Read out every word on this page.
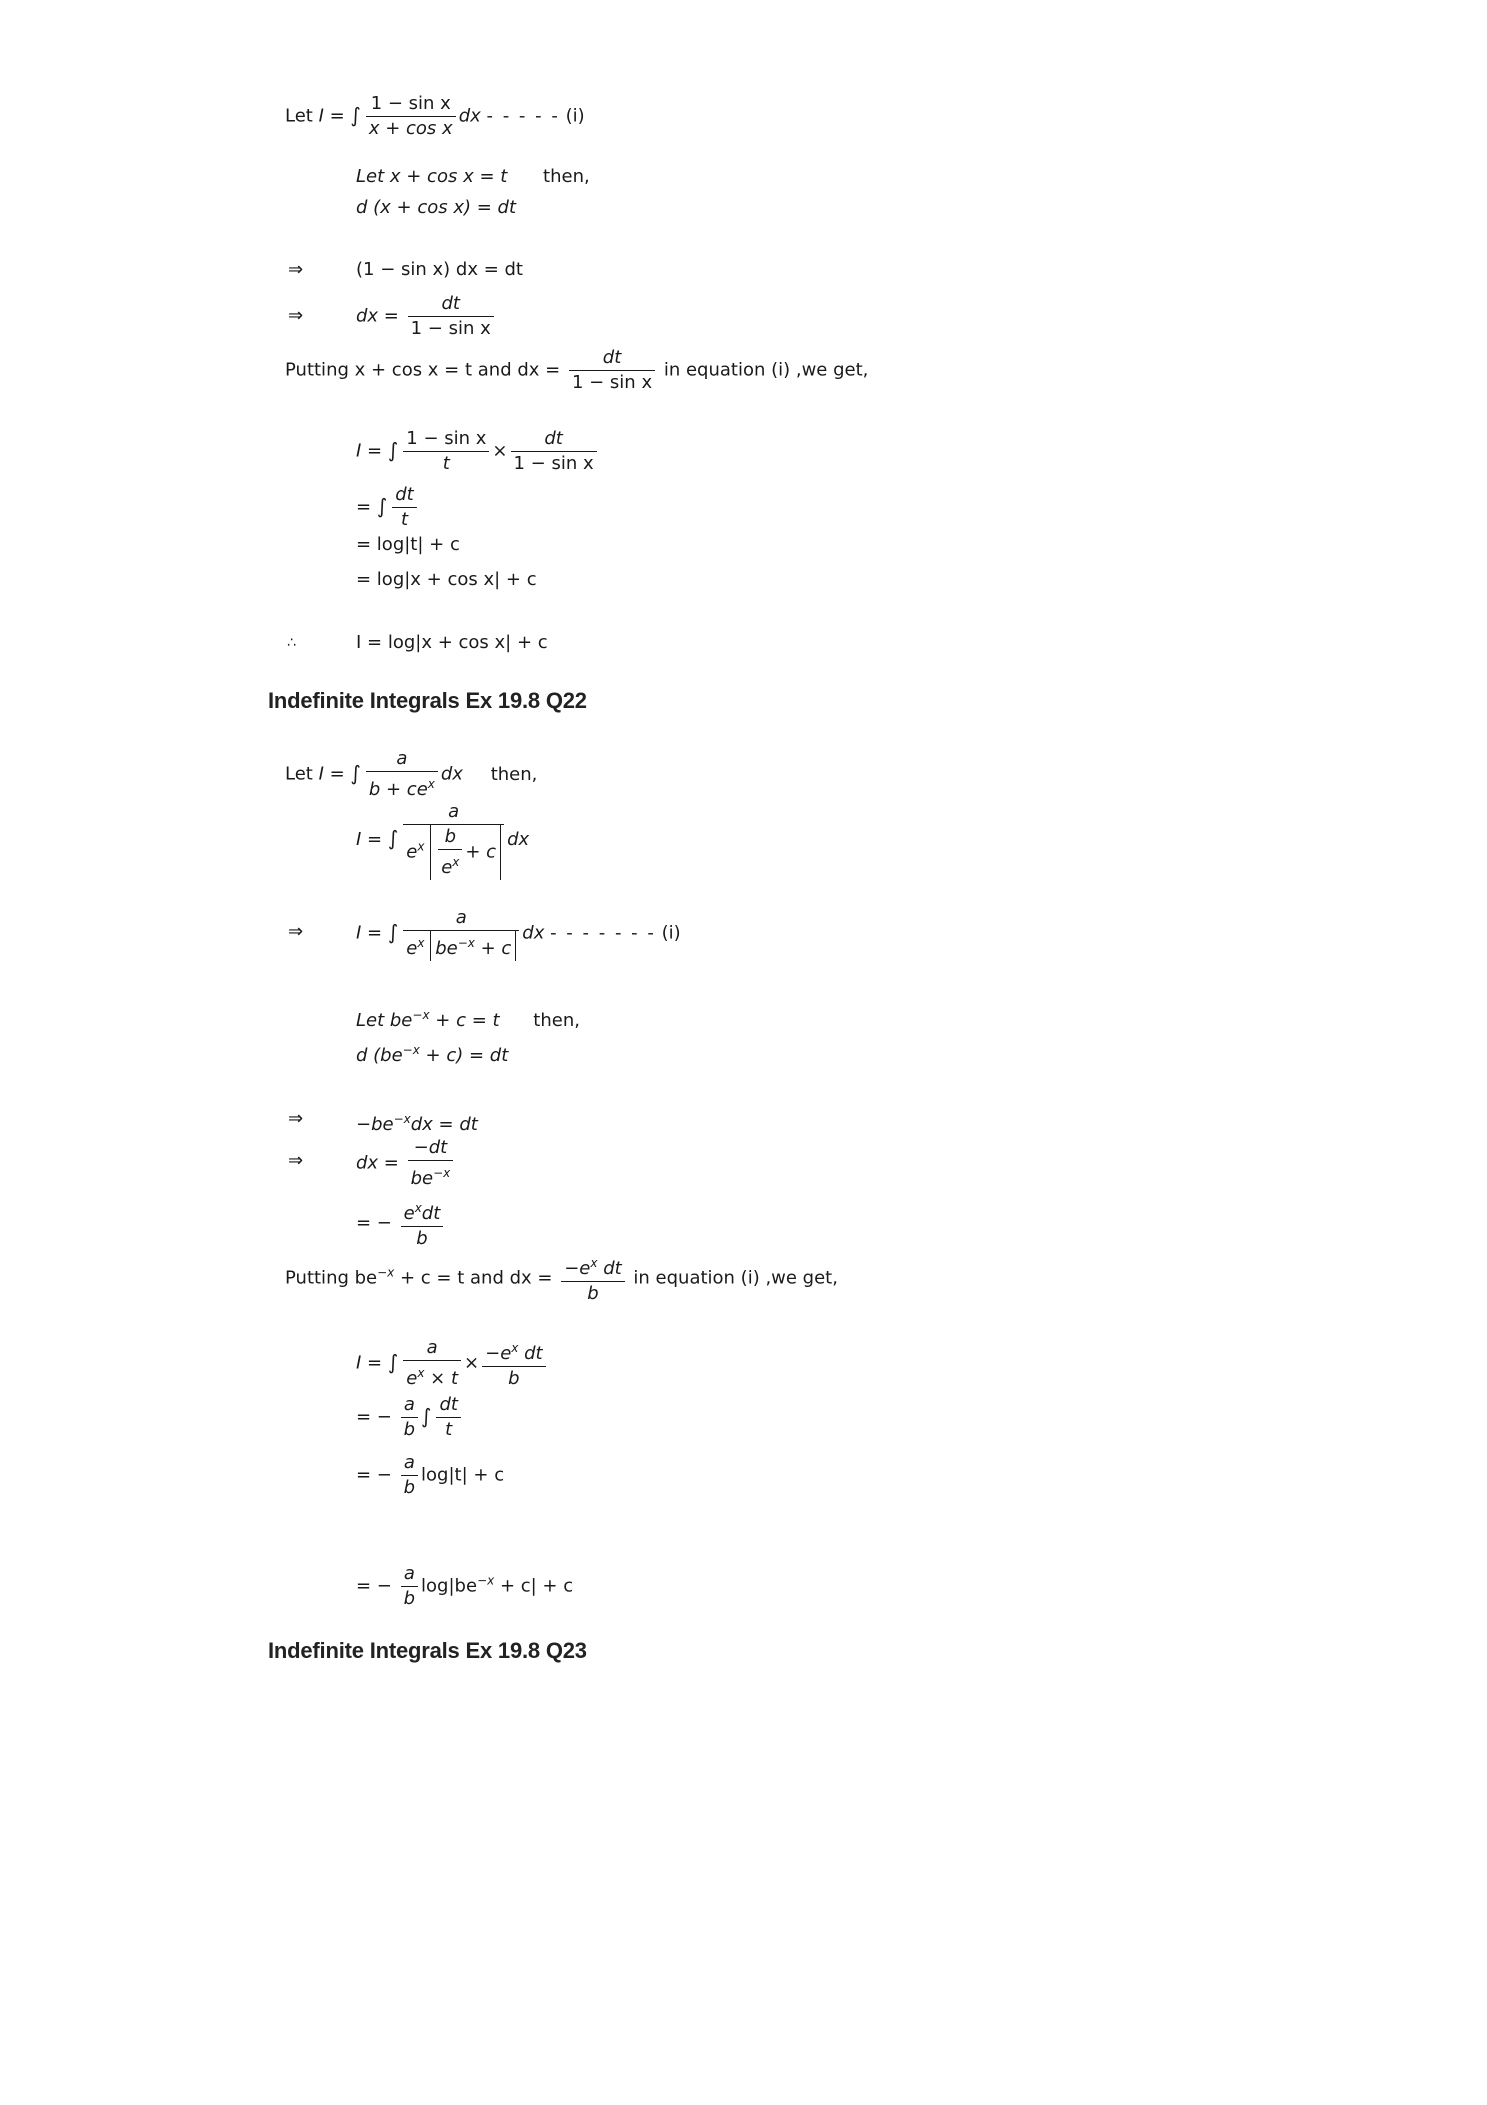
Let I = ∫ $\frac{\text{1 − sin x}}{\text{x + cos x}}$ dx - - - - - (i)
Let x + cos x = t then,
d (x + cos x) = dt
⇒	(1 − sin x) dx = dt
⇒	dx = $\frac{dt}{\text{1 − sin x}}$
Putting x + cos x = t and dx = $\frac{dt}{\text{1 − sin x}}$ in equation (i) ,we get,
I = ∫ $\frac{\text{1 − sin x}}{t} \times \frac{dt}{\text{1 − sin x}}$
= ∫ $\frac{dt}{t}$
= log|t| + c
= log|x + cos x| + c
∴	I = log|x + cos x| + c
Indefinite Integrals Ex 19.8 Q22
Let I = ∫ $\frac{a}{b + ce^x}$ dx then,
I = ∫ $\frac{a}{e^x \frac{b}{e^x} + c}$ dx
⇒	I = ∫ $\frac{a}{e^x be^{-x} + c}$ dx - - - - - - - (i)
Let $be^{-x} + c = t$ then,
d $(be^{-x} + c)$ = dt
⇒	$-be^{-x}dx$ = dt
⇒	dx = $\frac{-dt}{be^{-x}}$
= − $\frac{e^xdt}{b}$
Putting $be^{-x} + c = t$ and dx = $\frac{-e^x dt}{b}$ in equation (i) ,we get,
I = ∫ $\frac{a}{e^x \times t} \times \frac{-e^x dt}{b}$
= − $\frac{a}{b}$ ∫ $\frac{dt}{t}$
= − $\frac{a}{b} \log|t| + c$
= − $\frac{a}{b} \log|be^{-x} + c| + c$
Indefinite Integrals Ex 19.8 Q23
